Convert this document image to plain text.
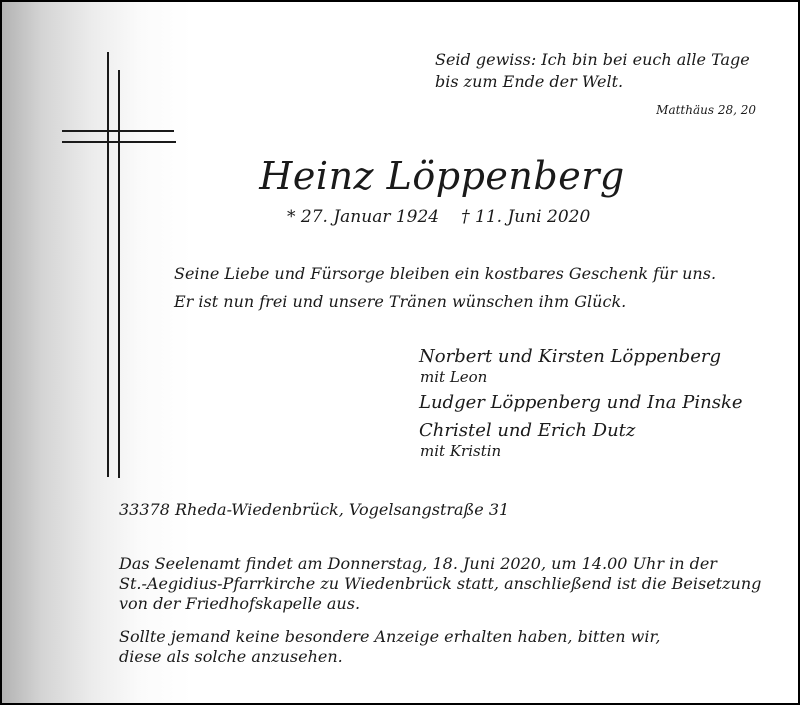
Seid gewiss: Ich bin bei euch alle Tage
bis zum Ende der Welt.
Matthäus 28, 20
Heinz Löppenberg
* 27. Januar 1924 † 11. Juni 2020
Seine Liebe und Fürsorge bleiben ein kostbares Geschenk für uns.
Er ist nun frei und unsere Tränen wünschen ihm Glück.
Norbert und Kirsten Löppenberg
mit Leon
Ludger Löppenberg und Ina Pinske
Christel und Erich Dutz
mit Kristin
33378 Rheda-Wiedenbrück, Vogelsangstraße 31
Das Seelenamt findet am Donnerstag, 18. Juni 2020, um 14.00 Uhr in der
St.-Aegidius-Pfarrkirche zu Wiedenbrück statt, anschließend ist die Beisetzung
von der Friedhofskapelle aus.
Sollte jemand keine besondere Anzeige erhalten haben, bitten wir,
diese als solche anzusehen.
